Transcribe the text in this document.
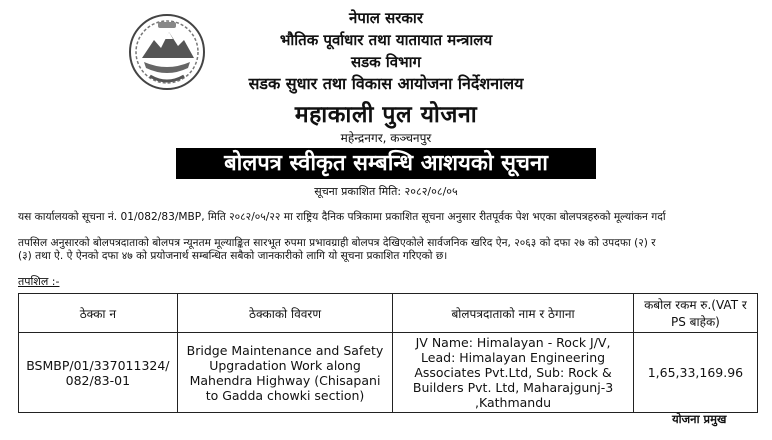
नेपाल सरकार
भौतिक पूर्वाधार तथा यातायात मन्त्रालय
सडक विभाग
सडक सुधार तथा विकास आयोजना निर्देशनालय
महाकाली पुल योजना
महेन्द्रनगर, कञ्चनपुर
बोलपत्र स्वीकृत सम्बन्धि आशयको सूचना
सूचना प्रकाशित मिति: २०८२/०८/०५
यस कार्यालयको सूचना नं. 01/082/83/MBP, मिति २०८२/०५/२२ मा राष्ट्रिय दैनिक पत्रिकामा प्रकाशित सूचना अनुसार रीतपूर्वक पेश भएका बोलपत्रहरुको मूल्यांकन गर्दा
तपसिल अनुसारको बोलपत्रदाताको बोलपत्र न्यूनतम मूल्याङ्कित सारभूत रुपमा प्रभावग्राही बोलपत्र देखिएकोले सार्वजनिक खरिद ऐन, २०६३ को दफा २७ को उपदफा (२) र
(३) तथा ऐ. ऐ ऐनको दफा ४७ को प्रयोजनार्थ सम्बन्धित सबैको जानकारीको लागि यो सूचना प्रकाशित गरिएको छ।
तपशिल :-
ठेक्का न	ठेक्काको विवरण	बोलपत्रदाताको नाम र ठेगाना	कबोल रकम रु.(VAT र PS बाहेक)
BSMBP/01/337011324/
082/83-01	Bridge Maintenance and Safety Upgradation Work along Mahendra Highway (Chisapani to Gadda chowki section)	JV Name: Himalayan - Rock J/V, Lead: Himalayan Engineering Associates Pvt.Ltd, Sub: Rock & Builders Pvt. Ltd, Maharajgunj-3 ,Kathmandu	1,65,33,169.96
योजना प्रमुख
